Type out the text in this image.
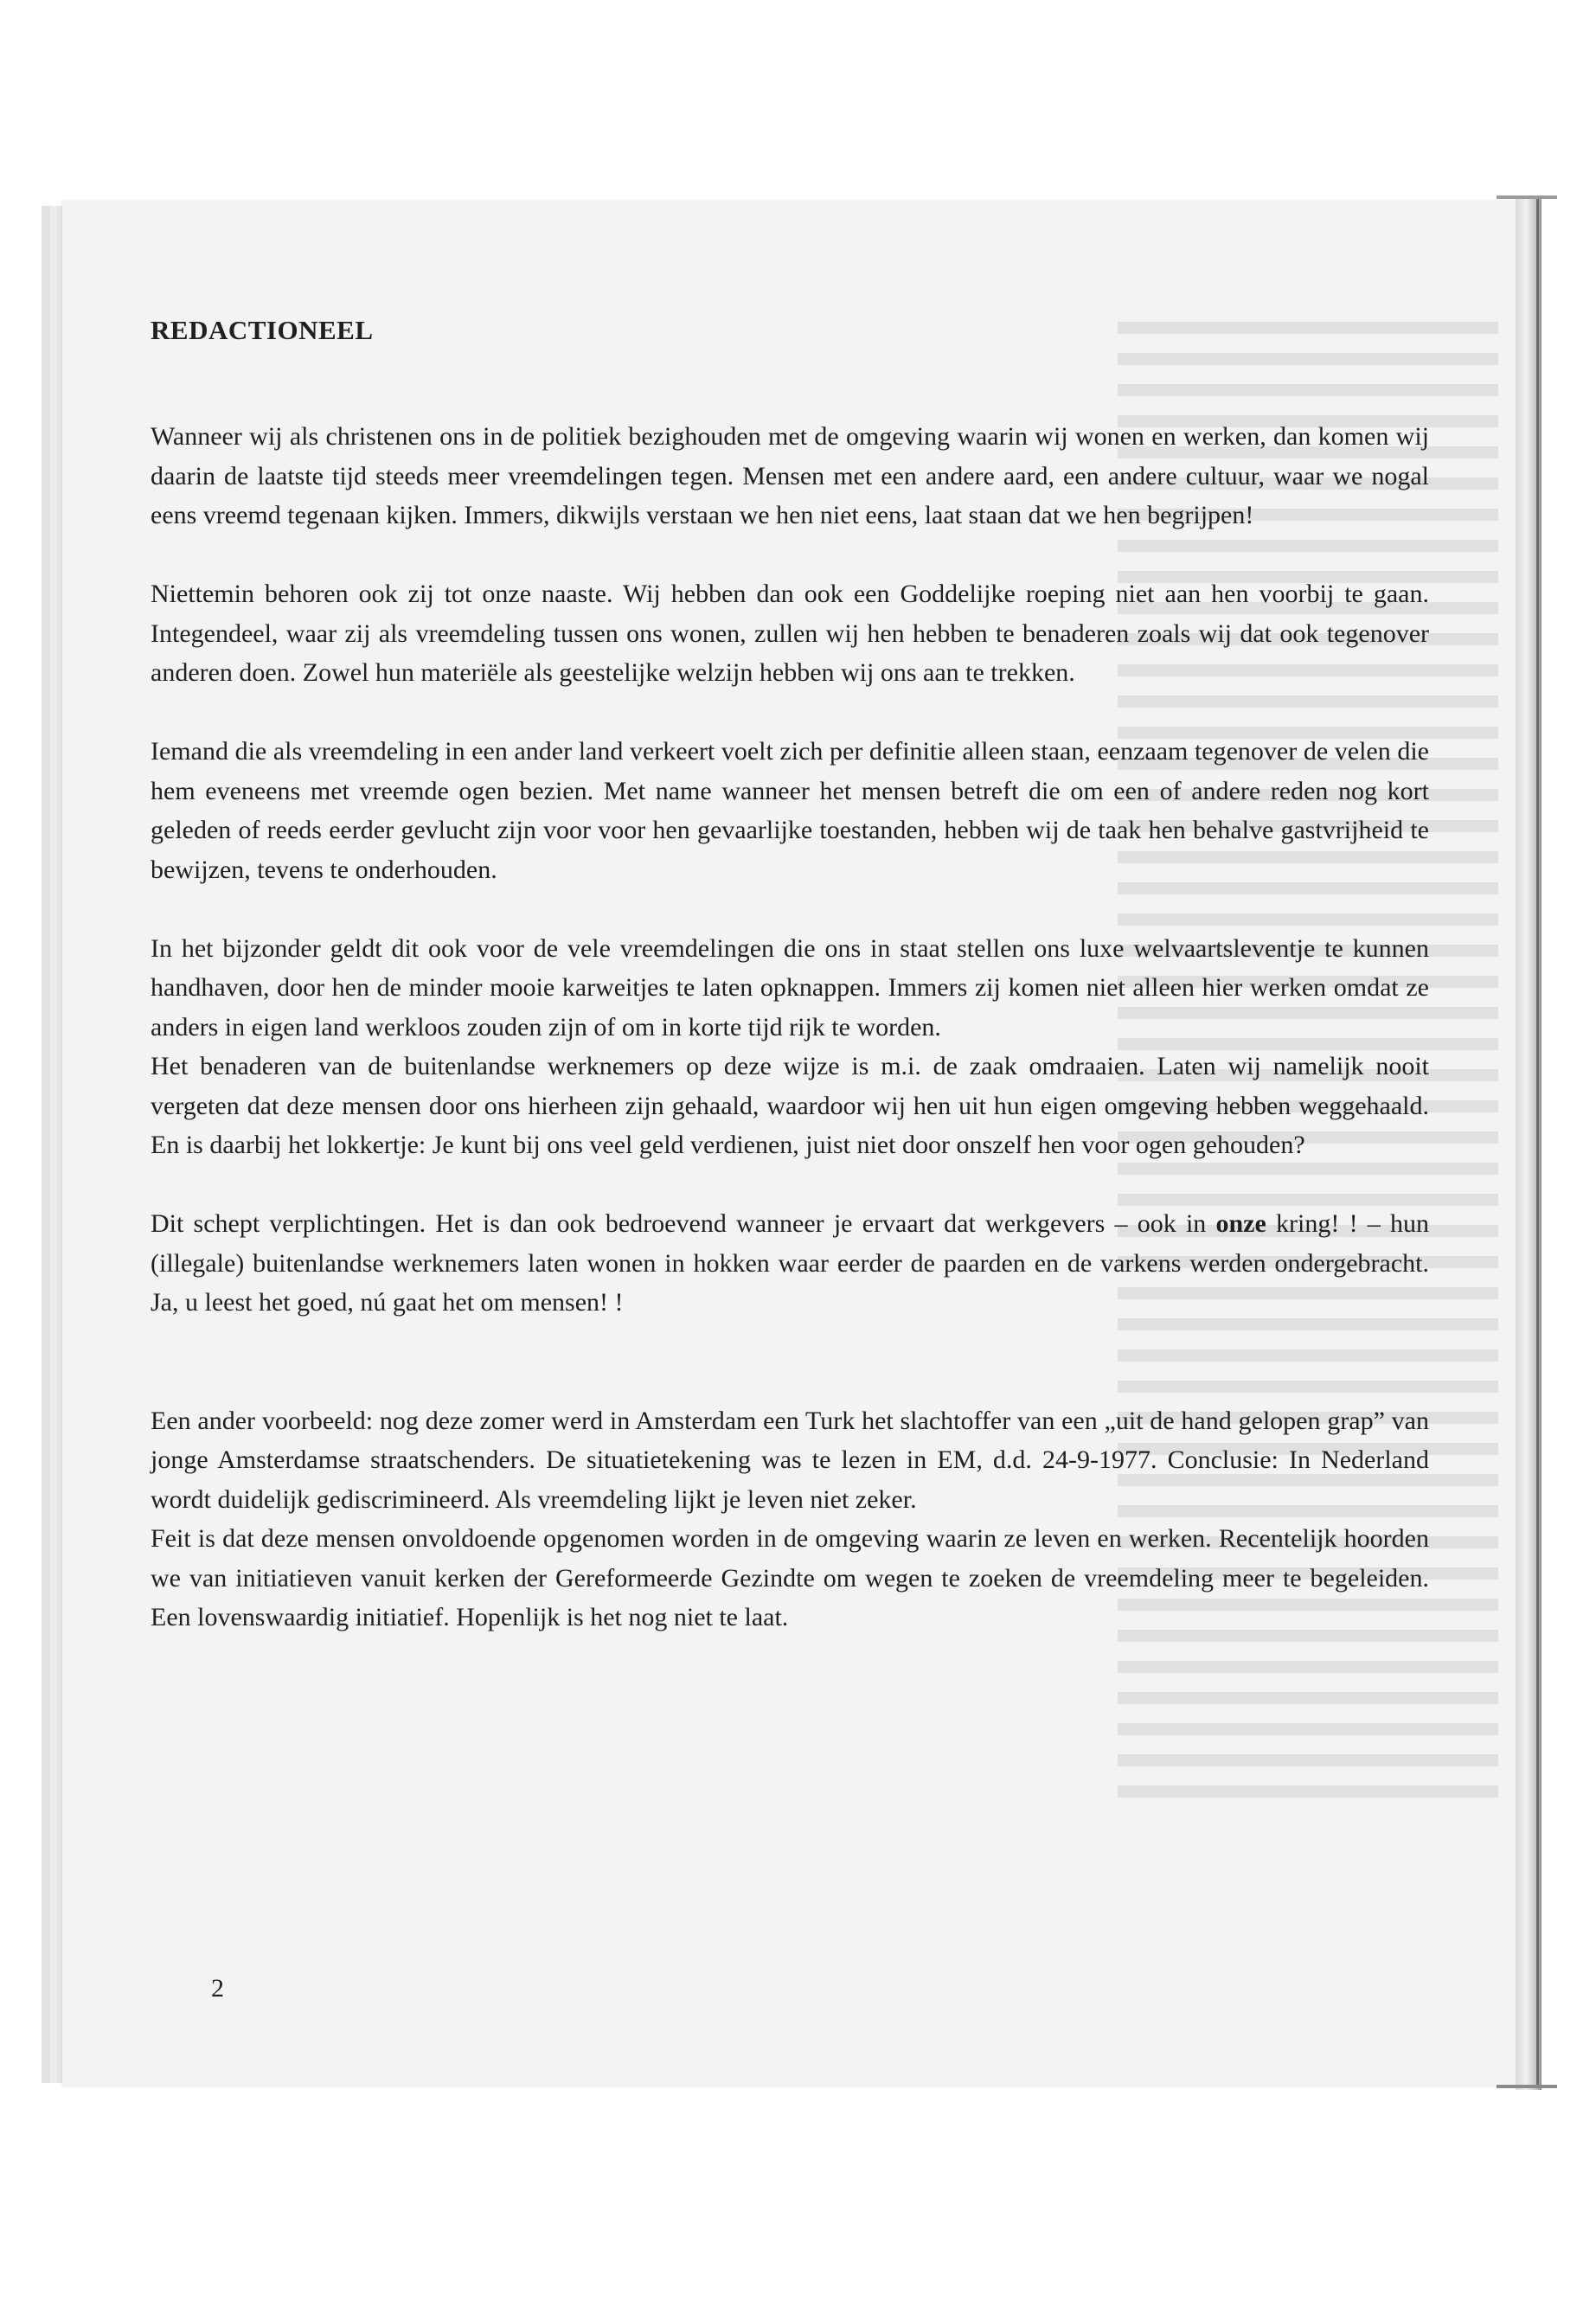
REDACTIONEEL

Wanneer wij als christenen ons in de politiek bezighouden met de omgeving waarin wij wonen en werken, dan komen wij daarin de laatste tijd steeds meer vreemdelingen tegen. Mensen met een andere aard, een andere cultuur, waar we nogal eens vreemd tegenaan kijken. Immers, dikwijls verstaan we hen niet eens, laat staan dat we hen begrijpen!

Niettemin behoren ook zij tot onze naaste. Wij hebben dan ook een Goddelijke roeping niet aan hen voorbij te gaan. Integendeel, waar zij als vreemdeling tussen ons wonen, zullen wij hen hebben te benaderen zoals wij dat ook tegenover anderen doen. Zowel hun materiële als geestelijke welzijn hebben wij ons aan te trekken.

Iemand die als vreemdeling in een ander land verkeert voelt zich per definitie alleen staan, eenzaam tegenover de velen die hem eveneens met vreemde ogen bezien. Met name wanneer het mensen betreft die om een of andere reden nog kort geleden of reeds eerder gevlucht zijn voor voor hen gevaarlijke toestanden, hebben wij de taak hen behalve gastvrijheid te bewijzen, tevens te onderhouden.

In het bijzonder geldt dit ook voor de vele vreemdelingen die ons in staat stellen ons luxe welvaartsleventje te kunnen handhaven, door hen de minder mooie karweitjes te laten opknappen. Immers zij komen niet alleen hier werken omdat ze anders in eigen land werkloos zouden zijn of om in korte tijd rijk te worden.

Het benaderen van de buitenlandse werknemers op deze wijze is m.i. de zaak omdraaien. Laten wij namelijk nooit vergeten dat deze mensen door ons hierheen zijn gehaald, waardoor wij hen uit hun eigen omgeving hebben weggehaald. En is daarbij het lokkertje: Je kunt bij ons veel geld verdienen, juist niet door onszelf hen voor ogen gehouden?

Dit schept verplichtingen. Het is dan ook bedroevend wanneer je ervaart dat werkgevers – ook in onze kring! ! – hun (illegale) buitenlandse werknemers laten wonen in hokken waar eerder de paarden en de varkens werden ondergebracht. Ja, u leest het goed, nú gaat het om mensen! !

Een ander voorbeeld: nog deze zomer werd in Amsterdam een Turk het slachtoffer van een „uit de hand gelopen grap” van jonge Amsterdamse straatschenders. De situatietekening was te lezen in EM, d.d. 24-9-1977. Conclusie: In Nederland wordt duidelijk gediscrimineerd. Als vreemdeling lijkt je leven niet zeker.

Feit is dat deze mensen onvoldoende opgenomen worden in de omgeving waarin ze leven en werken. Recentelijk hoorden we van initiatieven vanuit kerken der Gereformeerde Gezindte om wegen te zoeken de vreemdeling meer te begeleiden. Een lovenswaardig initiatief. Hopenlijk is het nog niet te laat.

2
